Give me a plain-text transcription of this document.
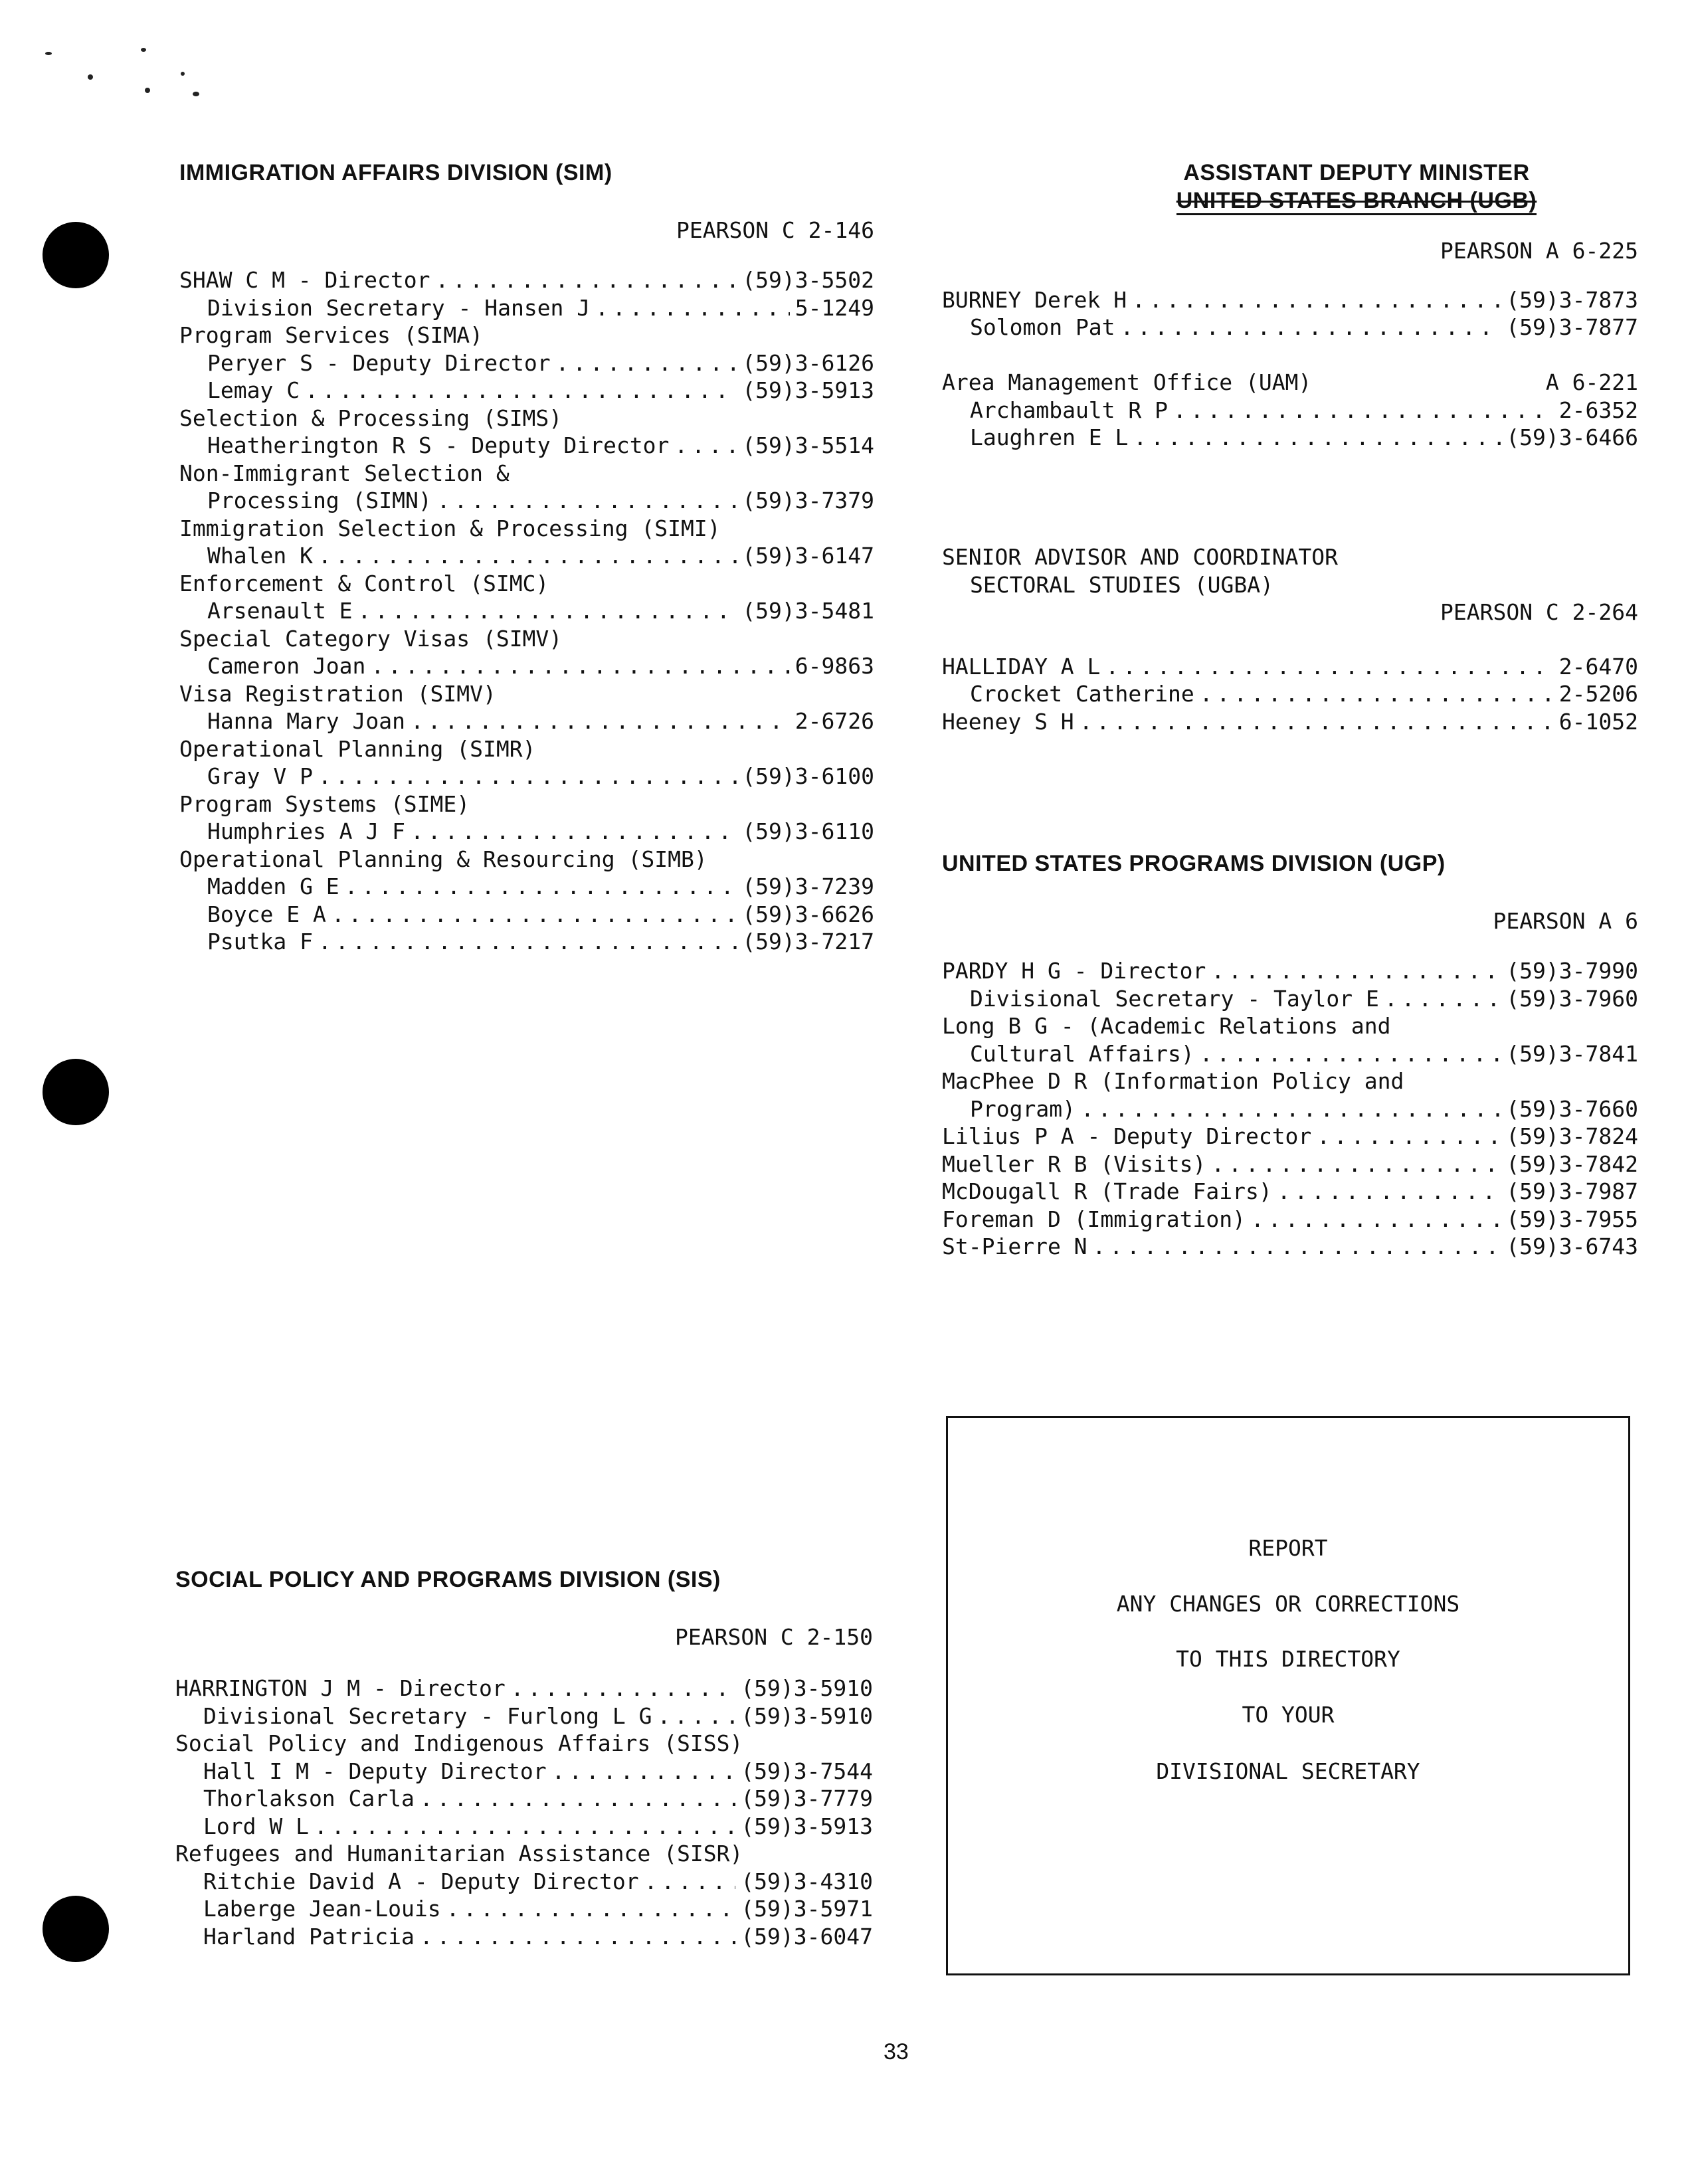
IMMIGRATION AFFAIRS DIVISION (SIM)
PEARSON C 2-146
SHAW C M - Director . . .	(59)3-5502
Division Secretary - Hansen J . . .	5-1249
Program Services (SIMA)
Peryer S - Deputy Director . . .	(59)3-6126
Lemay C . . .	(59)3-5913
Selection & Processing (SIMS)
Heatherington R S - Deputy Director . . .	(59)3-5514
Non-Immigrant Selection &
Processing (SIMN) . . .	(59)3-7379
Immigration Selection & Processing (SIMI)
Whalen K . . .	(59)3-6147
Enforcement & Control (SIMC)
Arsenault E . . .	(59)3-5481
Special Category Visas (SIMV)
Cameron Joan . . .	6-9863
Visa Registration (SIMV)
Hanna Mary Joan . . .	2-6726
Operational Planning (SIMR)
Gray V P . . .	(59)3-6100
Program Systems (SIME)
Humphries A J F . . .	(59)3-6110
Operational Planning & Resourcing (SIMB)
Madden G E . . .	(59)3-7239
Boyce E A . . .	(59)3-6626
Psutka F . . .	(59)3-7217
ASSISTANT DEPUTY MINISTER
UNITED STATES BRANCH (UGB)
PEARSON A 6-225
BURNEY Derek H . . .	(59)3-7873
Solomon Pat . . .	(59)3-7877
Area Management Office (UAM)	A 6-221
Archambault R P . . .	2-6352
Laughren E L . . .	(59)3-6466
SENIOR ADVISOR AND COORDINATOR
SECTORAL STUDIES (UGBA)
PEARSON C 2-264
HALLIDAY A L . . .	2-6470
Crocket Catherine . . .	2-5206
Heeney S H . . .	6-1052
UNITED STATES PROGRAMS DIVISION (UGP)
PEARSON A 6
PARDY H G - Director . . .	(59)3-7990
Divisional Secretary - Taylor E . . .	(59)3-7960
Long B G - (Academic Relations and
Cultural Affairs) . . .	(59)3-7841
MacPhee D R (Information Policy and
Program) . . .	(59)3-7660
Lilius P A - Deputy Director . . .	(59)3-7824
Mueller R B (Visits) . . .	(59)3-7842
McDougall R (Trade Fairs) . . .	(59)3-7987
Foreman D (Immigration) . . .	(59)3-7955
St-Pierre N . . .	(59)3-6743
SOCIAL POLICY AND PROGRAMS DIVISION (SIS)
PEARSON C 2-150
HARRINGTON J M - Director . . .	(59)3-5910
Divisional Secretary - Furlong L G . . .	(59)3-5910
Social Policy and Indigenous Affairs (SISS)
Hall I M - Deputy Director . . .	(59)3-7544
Thorlakson Carla . . .	(59)3-7779
Lord W L . . .	(59)3-5913
Refugees and Humanitarian Assistance (SISR)
Ritchie David A - Deputy Director . . .	(59)3-4310
Laberge Jean-Louis . . .	(59)3-5971
Harland Patricia . . .	(59)3-6047
REPORT
ANY CHANGES OR CORRECTIONS
TO THIS DIRECTORY
TO YOUR
DIVISIONAL SECRETARY
33
